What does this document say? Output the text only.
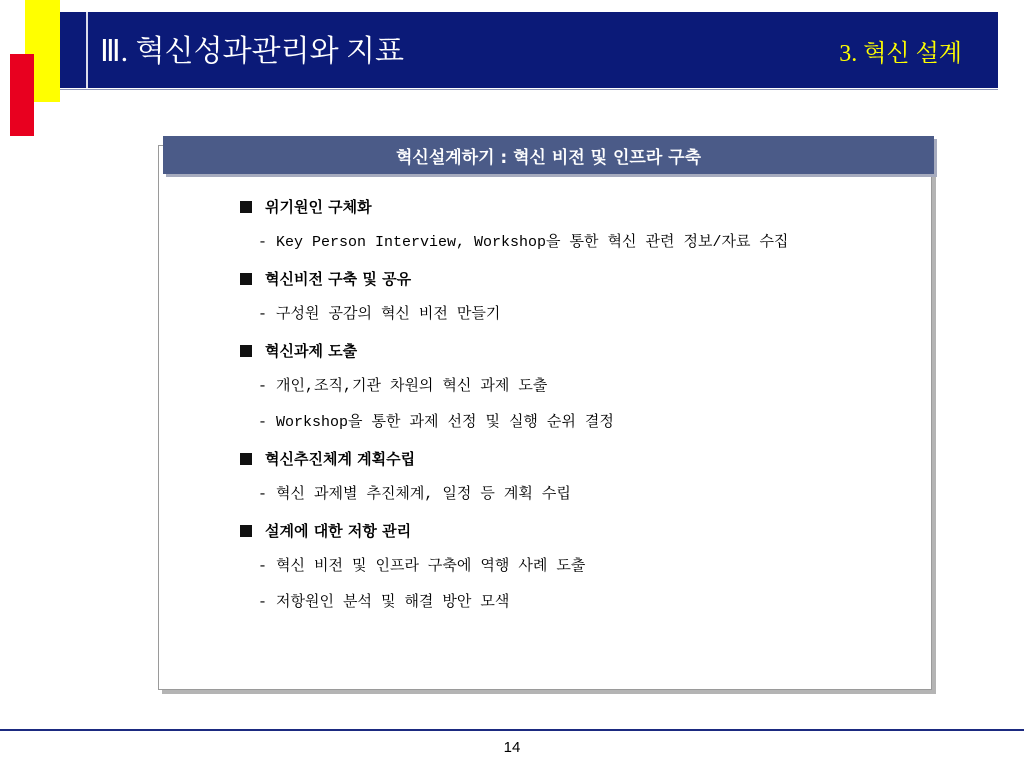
Ⅲ. 혁신성과관리와 지표	3. 혁신 설계
혁신설계하기 : 혁신 비전 및 인프라 구축
위기원인 구체화
- Key Person Interview, Workshop을 통한 혁신 관련 정보/자료 수집
혁신비전 구축 및 공유
- 구성원 공감의 혁신 비전 만들기
혁신과제 도출
- 개인,조직,기관 차원의 혁신 과제 도출
- Workshop을 통한 과제 선정 및 실행 순위 결정
혁신추진체계 계획수립
- 혁신 과제별 추진체계, 일정 등 계획 수립
설계에 대한 저항 관리
- 혁신 비전 및 인프라 구축에 역행 사례 도출
- 저항원인 분석 및 해결 방안 모색
14
